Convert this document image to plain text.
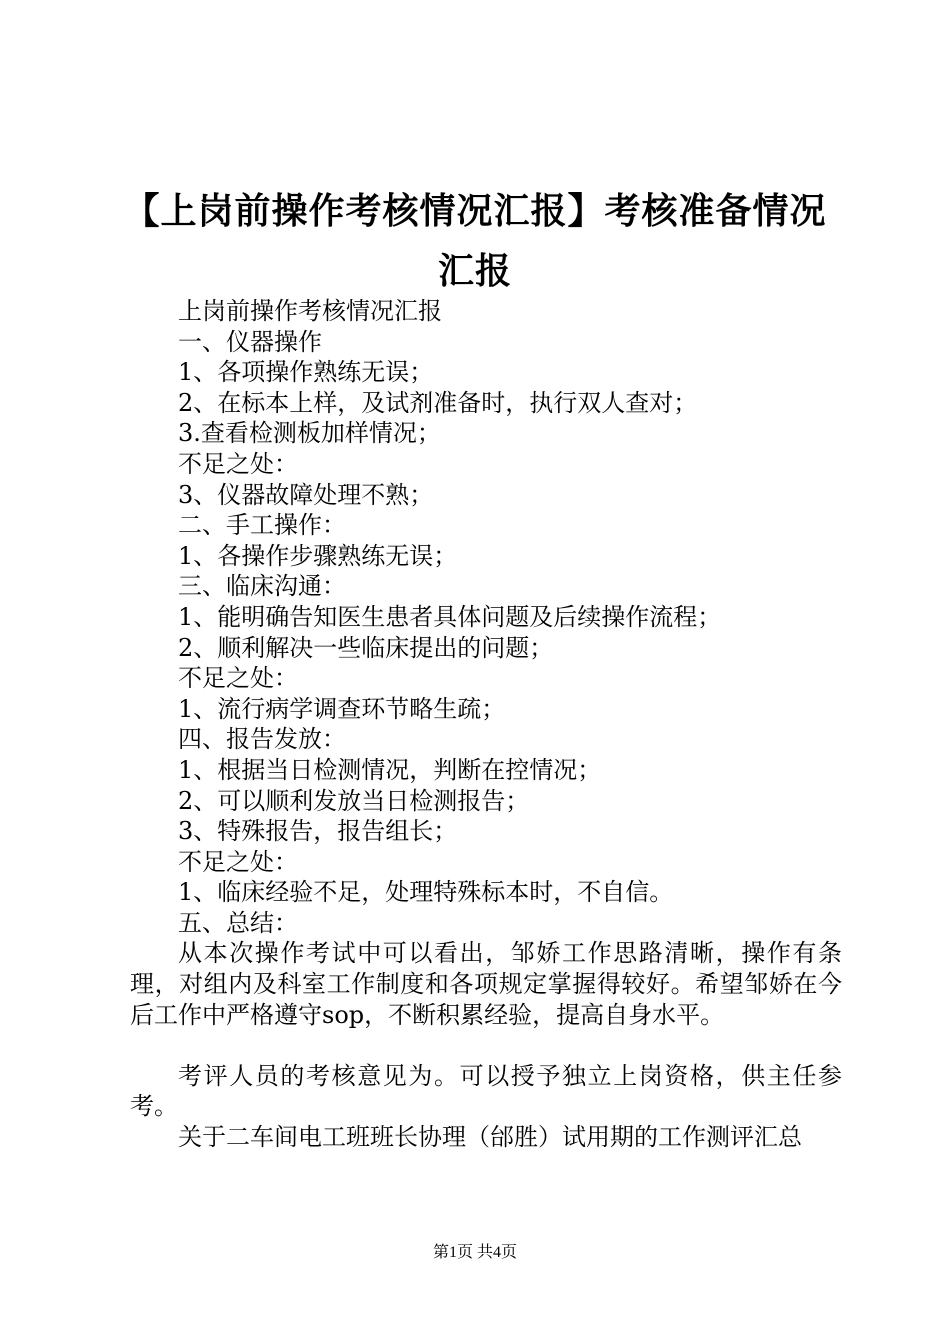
【上岗前操作考核情况汇报】考核准备情况汇报
上岗前操作考核情况汇报
一、仪器操作
1、各项操作熟练无误；
2、在标本上样，及试剂准备时，执行双人查对；
3.查看检测板加样情况；
不足之处：
3、仪器故障处理不熟；
二、手工操作：
1、各操作步骤熟练无误；
三、临床沟通：
1、能明确告知医生患者具体问题及后续操作流程；
2、顺利解决一些临床提出的问题；
不足之处：
1、流行病学调查环节略生疏；
四、报告发放：
1、根据当日检测情况，判断在控情况；
2、可以顺利发放当日检测报告；
3、特殊报告，报告组长；
不足之处：
1、临床经验不足，处理特殊标本时，不自信。
五、总结：

从本次操作考试中可以看出，邹娇工作思路清晰，操作有条理，对组内及科室工作制度和各项规定掌握得较好。希望邹娇在今后工作中严格遵守sop，不断积累经验，提高自身水平。

考评人员的考核意见为。可以授予独立上岗资格，供主任参考。

关于二车间电工班班长协理（邰胜）试用期的工作测评汇总

第1页 共4页
